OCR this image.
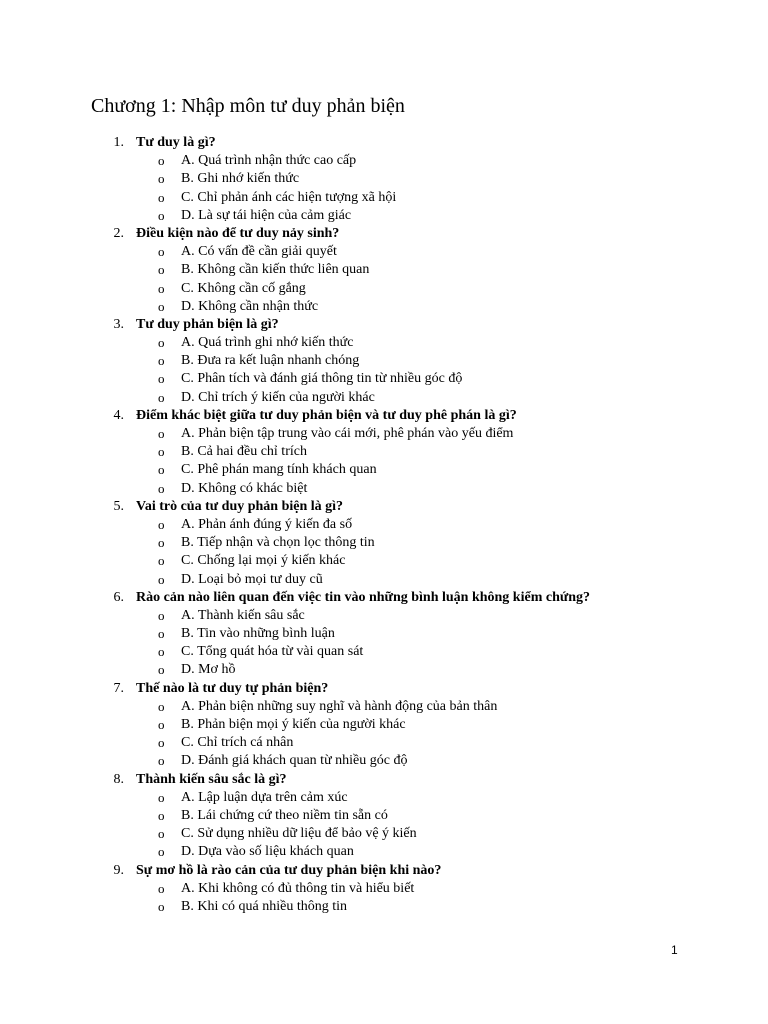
Chương 1: Nhập môn tư duy phản biện
1. Tư duy là gì?
o A. Quá trình nhận thức cao cấp
o B. Ghi nhớ kiến thức
o C. Chỉ phản ánh các hiện tượng xã hội
o D. Là sự tái hiện của cảm giác
2. Điều kiện nào để tư duy nảy sinh?
o A. Có vấn đề cần giải quyết
o B. Không cần kiến thức liên quan
o C. Không cần cố gắng
o D. Không cần nhận thức
3. Tư duy phản biện là gì?
o A. Quá trình ghi nhớ kiến thức
o B. Đưa ra kết luận nhanh chóng
o C. Phân tích và đánh giá thông tin từ nhiều góc độ
o D. Chỉ trích ý kiến của người khác
4. Điểm khác biệt giữa tư duy phản biện và tư duy phê phán là gì?
o A. Phản biện tập trung vào cái mới, phê phán vào yếu điểm
o B. Cả hai đều chỉ trích
o C. Phê phán mang tính khách quan
o D. Không có khác biệt
5. Vai trò của tư duy phản biện là gì?
o A. Phản ánh đúng ý kiến đa số
o B. Tiếp nhận và chọn lọc thông tin
o C. Chống lại mọi ý kiến khác
o D. Loại bỏ mọi tư duy cũ
6. Rào cản nào liên quan đến việc tin vào những bình luận không kiểm chứng?
o A. Thành kiến sâu sắc
o B. Tin vào những bình luận
o C. Tổng quát hóa từ vài quan sát
o D. Mơ hồ
7. Thế nào là tư duy tự phản biện?
o A. Phản biện những suy nghĩ và hành động của bản thân
o B. Phản biện mọi ý kiến của người khác
o C. Chỉ trích cá nhân
o D. Đánh giá khách quan từ nhiều góc độ
8. Thành kiến sâu sắc là gì?
o A. Lập luận dựa trên cảm xúc
o B. Lái chứng cứ theo niềm tin sẵn có
o C. Sử dụng nhiều dữ liệu để bảo vệ ý kiến
o D. Dựa vào số liệu khách quan
9. Sự mơ hồ là rào cản của tư duy phản biện khi nào?
o A. Khi không có đủ thông tin và hiểu biết
o B. Khi có quá nhiều thông tin
1
